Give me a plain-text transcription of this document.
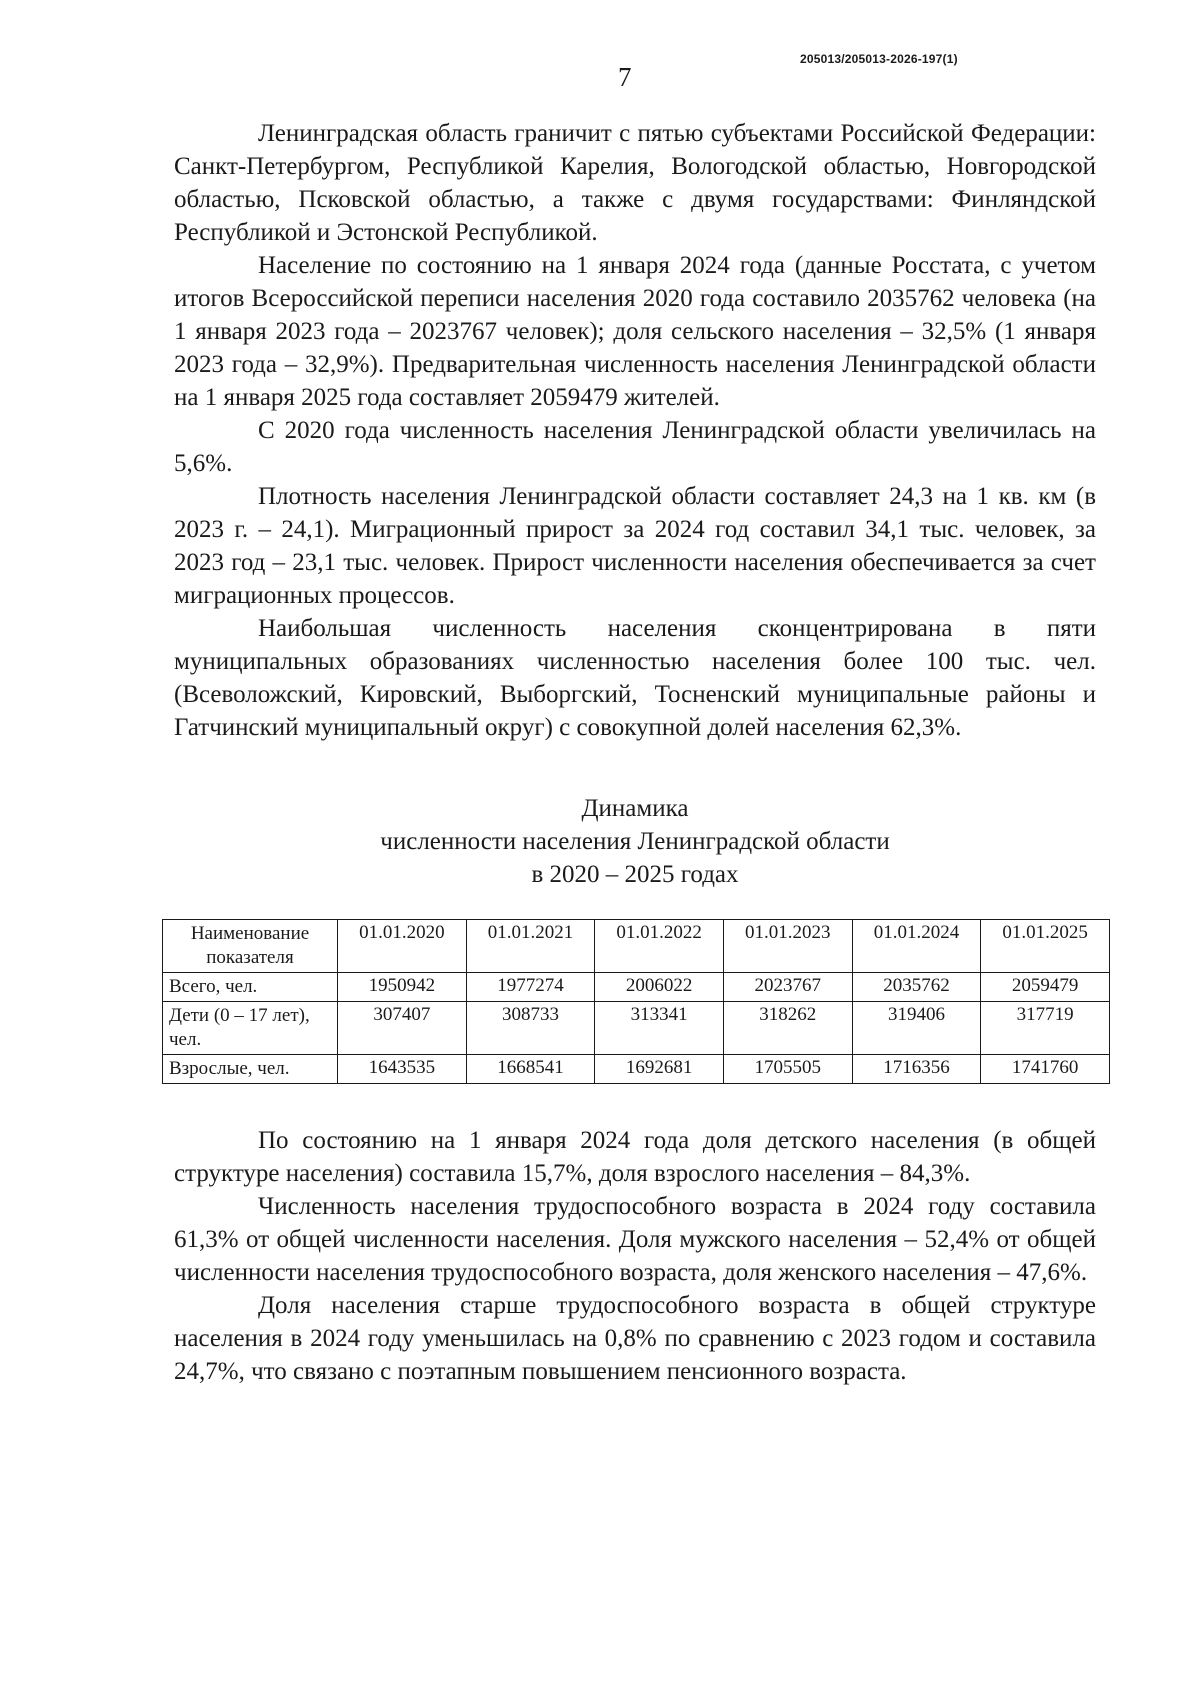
205013/205013-2026-197(1)
7

Ленинградская область граничит с пятью субъектами Российской Федерации: Санкт-Петербургом, Республикой Карелия, Вологодской областью, Новгородской областью, Псковской областью, а также с двумя государствами: Финляндской Республикой и Эстонской Республикой.

Население по состоянию на 1 января 2024 года (данные Росстата, с учетом итогов Всероссийской переписи населения 2020 года составило 2035762 человека (на 1 января 2023 года – 2023767 человек); доля сельского населения – 32,5% (1 января 2023 года – 32,9%). Предварительная численность населения Ленинградской области на 1 января 2025 года составляет 2059479 жителей.

С 2020 года численность населения Ленинградской области увеличилась на 5,6%.

Плотность населения Ленинградской области составляет 24,3 на 1 кв. км (в 2023 г. – 24,1). Миграционный прирост за 2024 год составил 34,1 тыс. человек, за 2023 год – 23,1 тыс. человек. Прирост численности населения обеспечивается за счет миграционных процессов.

Наибольшая численность населения сконцентрирована в пяти муниципальных образованиях численностью населения более 100 тыс. чел. (Всеволожский, Кировский, Выборгский, Тосненский муниципальные районы и Гатчинский муниципальный округ) с совокупной долей населения 62,3%.

Динамика
численности населения Ленинградской области
в 2020 – 2025 годах
Наименование показателя	01.01.2020	01.01.2021	01.01.2022	01.01.2023	01.01.2024	01.01.2025
Всего, чел.	1950942	1977274	2006022	2023767	2035762	2059479
Дети (0 – 17 лет), чел.	307407	308733	313341	318262	319406	317719
Взрослые, чел.	1643535	1668541	1692681	1705505	1716356	1741760

По состоянию на 1 января 2024 года доля детского населения (в общей структуре населения) составила 15,7%, доля взрослого населения – 84,3%.

Численность населения трудоспособного возраста в 2024 году составила 61,3% от общей численности населения. Доля мужского населения – 52,4% от общей численности населения трудоспособного возраста, доля женского населения – 47,6%.

Доля населения старше трудоспособного возраста в общей структуре населения в 2024 году уменьшилась на 0,8% по сравнению с 2023 годом и составила 24,7%, что связано с поэтапным повышением пенсионного возраста.
